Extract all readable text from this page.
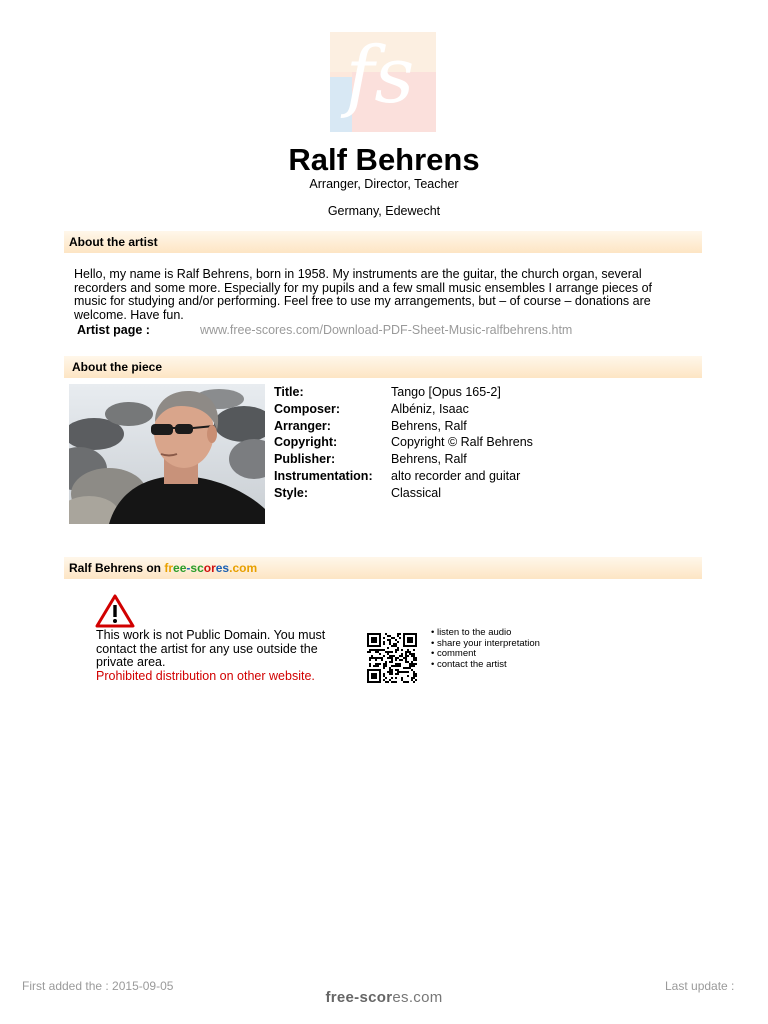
fs
Ralf Behrens
Arranger, Director, Teacher
Germany, Edewecht
About the artist
Hello, my name is Ralf Behrens, born in 1958. My instruments are the guitar, the church organ, several recorders and some more. Especially for my pupils and a few small music ensembles I arrange pieces of music for studying and/or performing. Feel free to use my arrangements, but – of course – donations are welcome. Have fun.
Artist page :	www.free-scores.com/Download-PDF-Sheet-Music-ralfbehrens.htm
About the piece
Title:	Tango [Opus 165-2]
Composer:	Albéniz, Isaac
Arranger:	Behrens, Ralf
Copyright:	Copyright © Ralf Behrens
Publisher:	Behrens, Ralf
Instrumentation: alto recorder and guitar
Style:	Classical
Ralf Behrens on free-scores.com
This work is not Public Domain. You must contact the artist for any use outside the private area.
Prohibited distribution on other website.
• listen to the audio
• share your interpretation
• comment
• contact the artist
First added the : 2015-09-05	Last update :
free-scores.com
